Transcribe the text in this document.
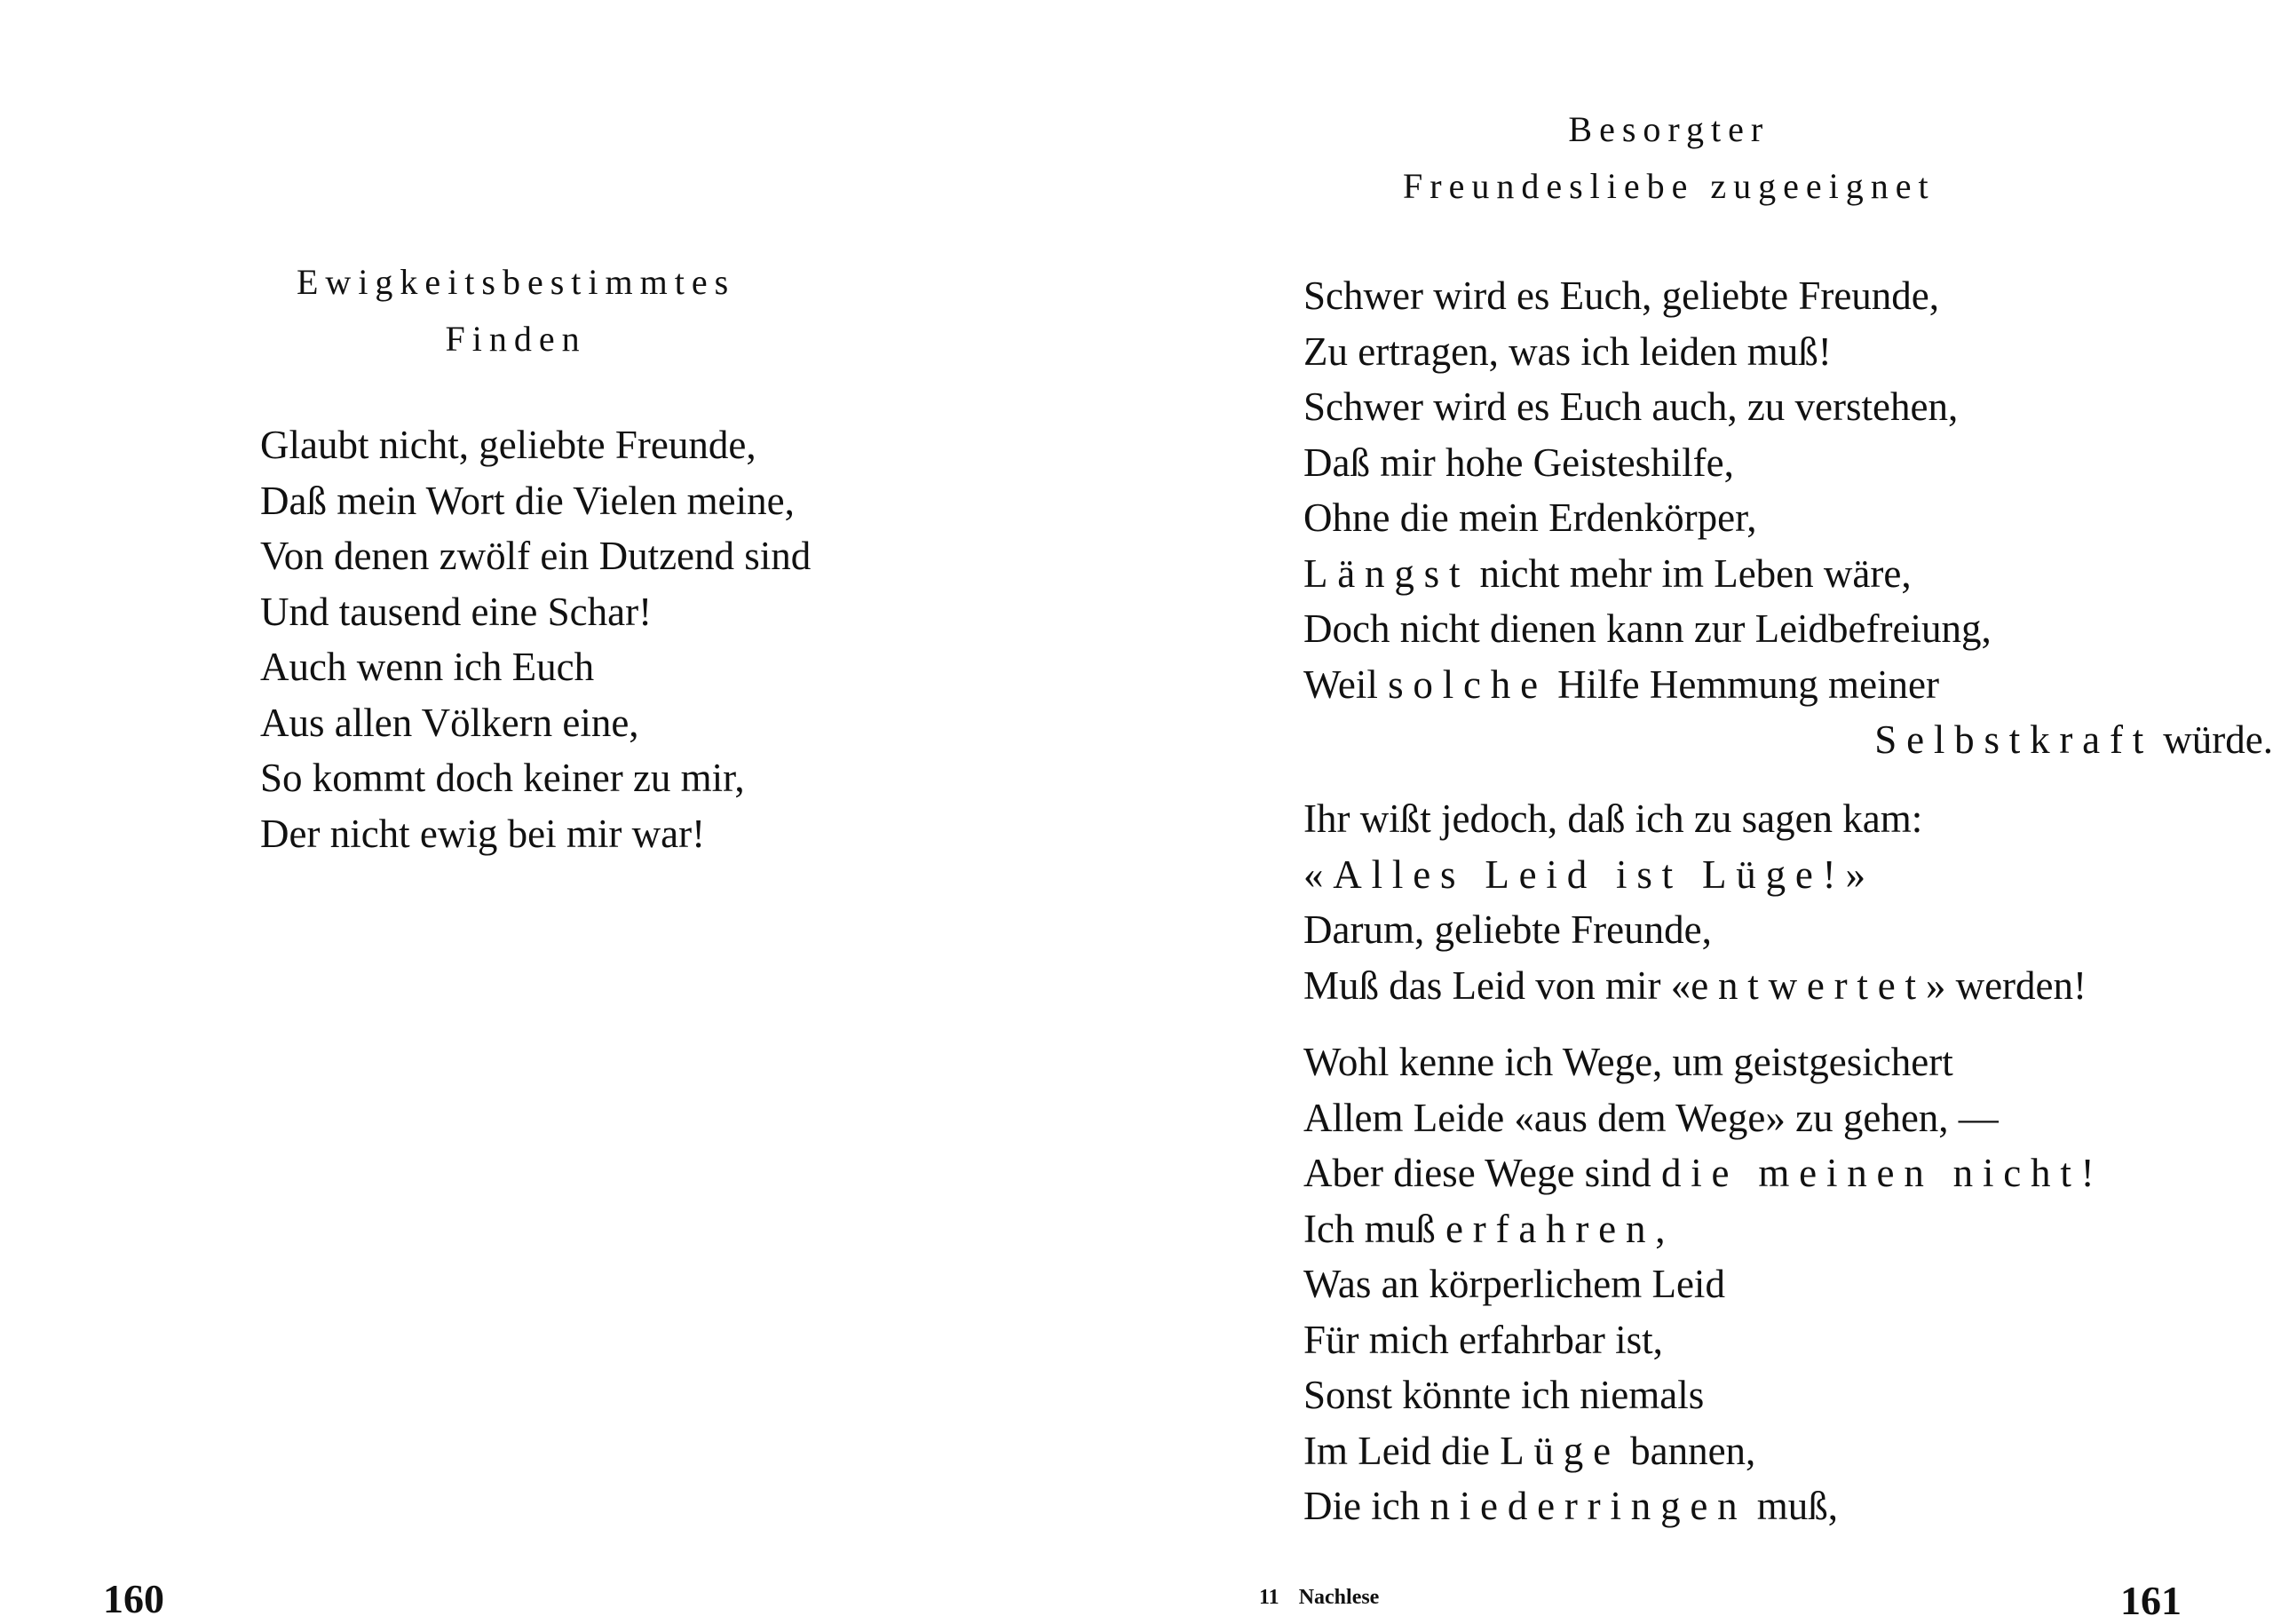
Ewigkeitsbestimmtes
Finden
Glaubt nicht, geliebte Freunde,
Daß mein Wort die Vielen meine,
Von denen zwölf ein Dutzend sind
Und tausend eine Schar!
Auch wenn ich Euch
Aus allen Völkern eine,
So kommt doch keiner zu mir,
Der nicht ewig bei mir war!
160
Besorgter
Freundesliebe zugeeignet
Schwer wird es Euch, geliebte Freunde,
Zu ertragen, was ich leiden muß!
Schwer wird es Euch auch, zu verstehen,
Daß mir hohe Geisteshilfe,
Ohne die mein Erdenkörper,
Längst nicht mehr im Leben wäre,
Doch nicht dienen kann zur Leidbefreiung,
Weil solche Hilfe Hemmung meiner
Selbstkraft würde.
Ihr wißt jedoch, daß ich zu sagen kam:
«Alles Leid ist Lüge!»
Darum, geliebte Freunde,
Muß das Leid von mir «entwertet» werden!
Wohl kenne ich Wege, um geistgesichert
Allem Leide «aus dem Wege» zu gehen, —
Aber diese Wege sind die meinen nicht!
Ich muß erfahren,
Was an körperlichem Leid
Für mich erfahrbar ist,
Sonst könnte ich niemals
Im Leid die Lüge bannen,
Die ich niederringen muß,
11 Nachlese	161
